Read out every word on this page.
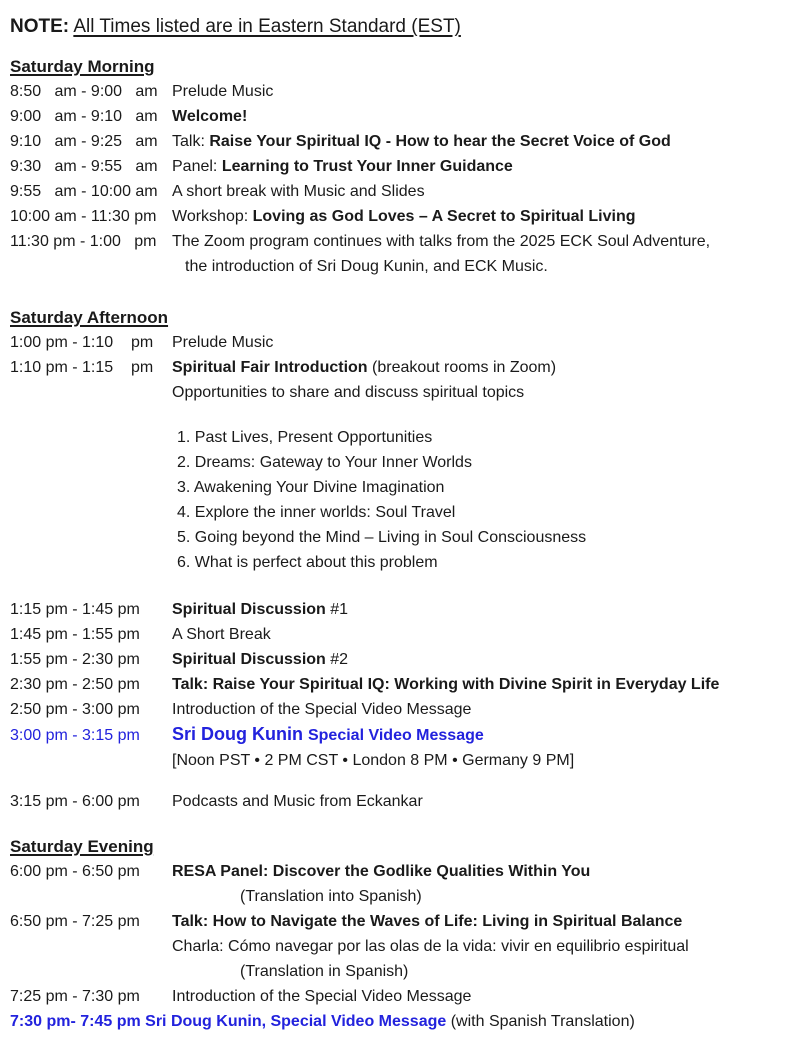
NOTE: All Times listed are in Eastern Standard (EST)
Saturday Morning
8:50   am - 9:00   am Prelude Music
9:00   am - 9:10   am Welcome!
9:10   am - 9:25   am Talk: Raise Your Spiritual IQ - How to hear the Secret Voice of God
9:30   am - 9:55   am Panel: Learning to Trust Your Inner Guidance
9:55   am - 10:00 am A short break with Music and Slides
10:00 am - 11:30 pm Workshop: Loving as God Loves – A Secret to Spiritual Living
11:30 pm - 1:00   pm The Zoom program continues with talks from the 2025 ECK Soul Adventure,
the introduction of Sri Doug Kunin, and ECK Music.
Saturday Afternoon
1:00 pm - 1:10    pm	Prelude Music
1:10 pm - 1:15    pm	Spiritual Fair Introduction (breakout rooms in Zoom)
Opportunities to share and discuss spiritual topics
1. Past Lives, Present Opportunities
2. Dreams: Gateway to Your Inner Worlds
3. Awakening Your Divine Imagination
4. Explore the inner worlds: Soul Travel
5. Going beyond the Mind – Living in Soul Consciousness
6. What is perfect about this problem
1:15 pm - 1:45 pm	Spiritual Discussion #1
1:45 pm - 1:55 pm	A Short Break
1:55 pm - 2:30 pm	Spiritual Discussion #2
2:30 pm - 2:50 pm	Talk: Raise Your Spiritual IQ: Working with Divine Spirit in Everyday Life
2:50 pm - 3:00 pm	Introduction of the Special Video Message
3:00 pm - 3:15 pm	Sri Doug Kunin Special Video Message
[Noon PST • 2 PM CST • London 8 PM • Germany 9 PM]
3:15 pm - 6:00 pm	Podcasts and Music from Eckankar
Saturday Evening
6:00 pm - 6:50 pm	RESA Panel: Discover the Godlike Qualities Within You
(Translation into Spanish)
6:50 pm - 7:25 pm	Talk: How to Navigate the Waves of Life: Living in Spiritual Balance
Charla: Cómo navegar por las olas de la vida: vivir en equilibrio espiritual
(Translation in Spanish)
7:25 pm - 7:30 pm	Introduction of the Special Video Message
7:30 pm- 7:45 pm Sri Doug Kunin, Special Video Message (with Spanish Translation)
